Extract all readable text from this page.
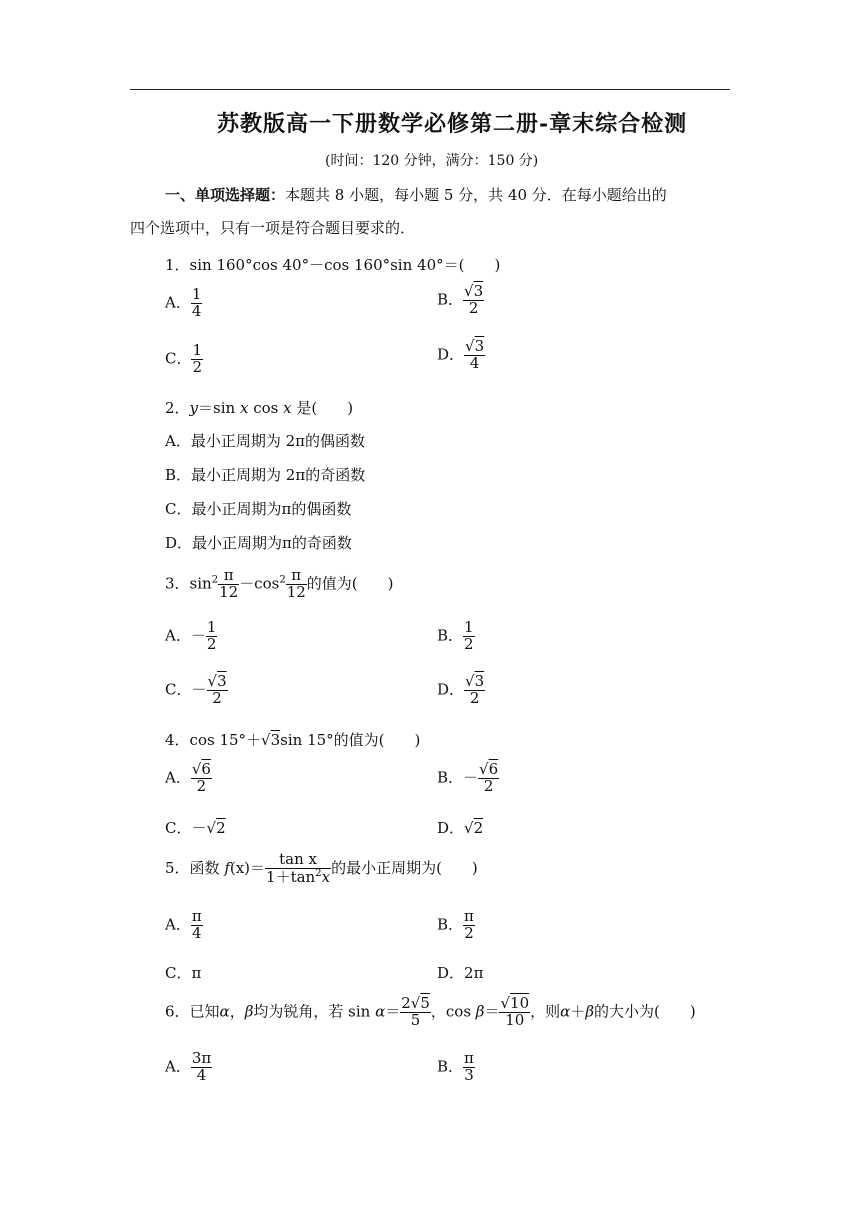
苏教版高一下册数学必修第二册-章末综合检测
(时间：120 分钟，满分：150 分)
一、单项选择题：本题共 8 小题，每小题 5 分，共 40 分．在每小题给出的
四个选项中，只有一项是符合题目要求的．
1．sin 160°cos 40°－cos 160°sin 40°＝(　　)
A． $\frac{1}{4}$	B． $\frac{√3}{2}$
C． $\frac{1}{2}$	D． $\frac{√3}{4}$
2．y＝sin x cos x 是(　　)
A．最小正周期为 2π的偶函数
B．最小正周期为 2π的奇函数
C．最小正周期为π的偶函数
D．最小正周期为π的奇函数
3．$\sin^2 \frac{\pi}{12} -\cos^2 \frac{\pi}{12}$ 的值为(　　)
A．－ $\frac{1}{2}$	B． $\frac{1}{2}$
C．－ $\frac{√3}{2}$	D． $\frac{√3}{2}$
4．cos 15°＋√3sin 15°的值为(　　)
A． $\frac{√6}{2}$	B．－ $\frac{√6}{2}$
C．－√2	D．√2
5．函数 $f(x)= \frac{\text{tan x}}{1+\tan^2x}$ 的最小正周期为(　　)
A． $\frac{\pi}{4}$	B． $\frac{\pi}{2}$
C．π	D．2π
6．已知α，β均为锐角，若 $\sin \alpha= \frac{2√5}{5}$ ，$\cos \beta= \frac{√10}{10}$ ，则α＋β的大小为(　　)
A． $\frac{3\pi}{4}$	B． $\frac{\pi}{3}$
